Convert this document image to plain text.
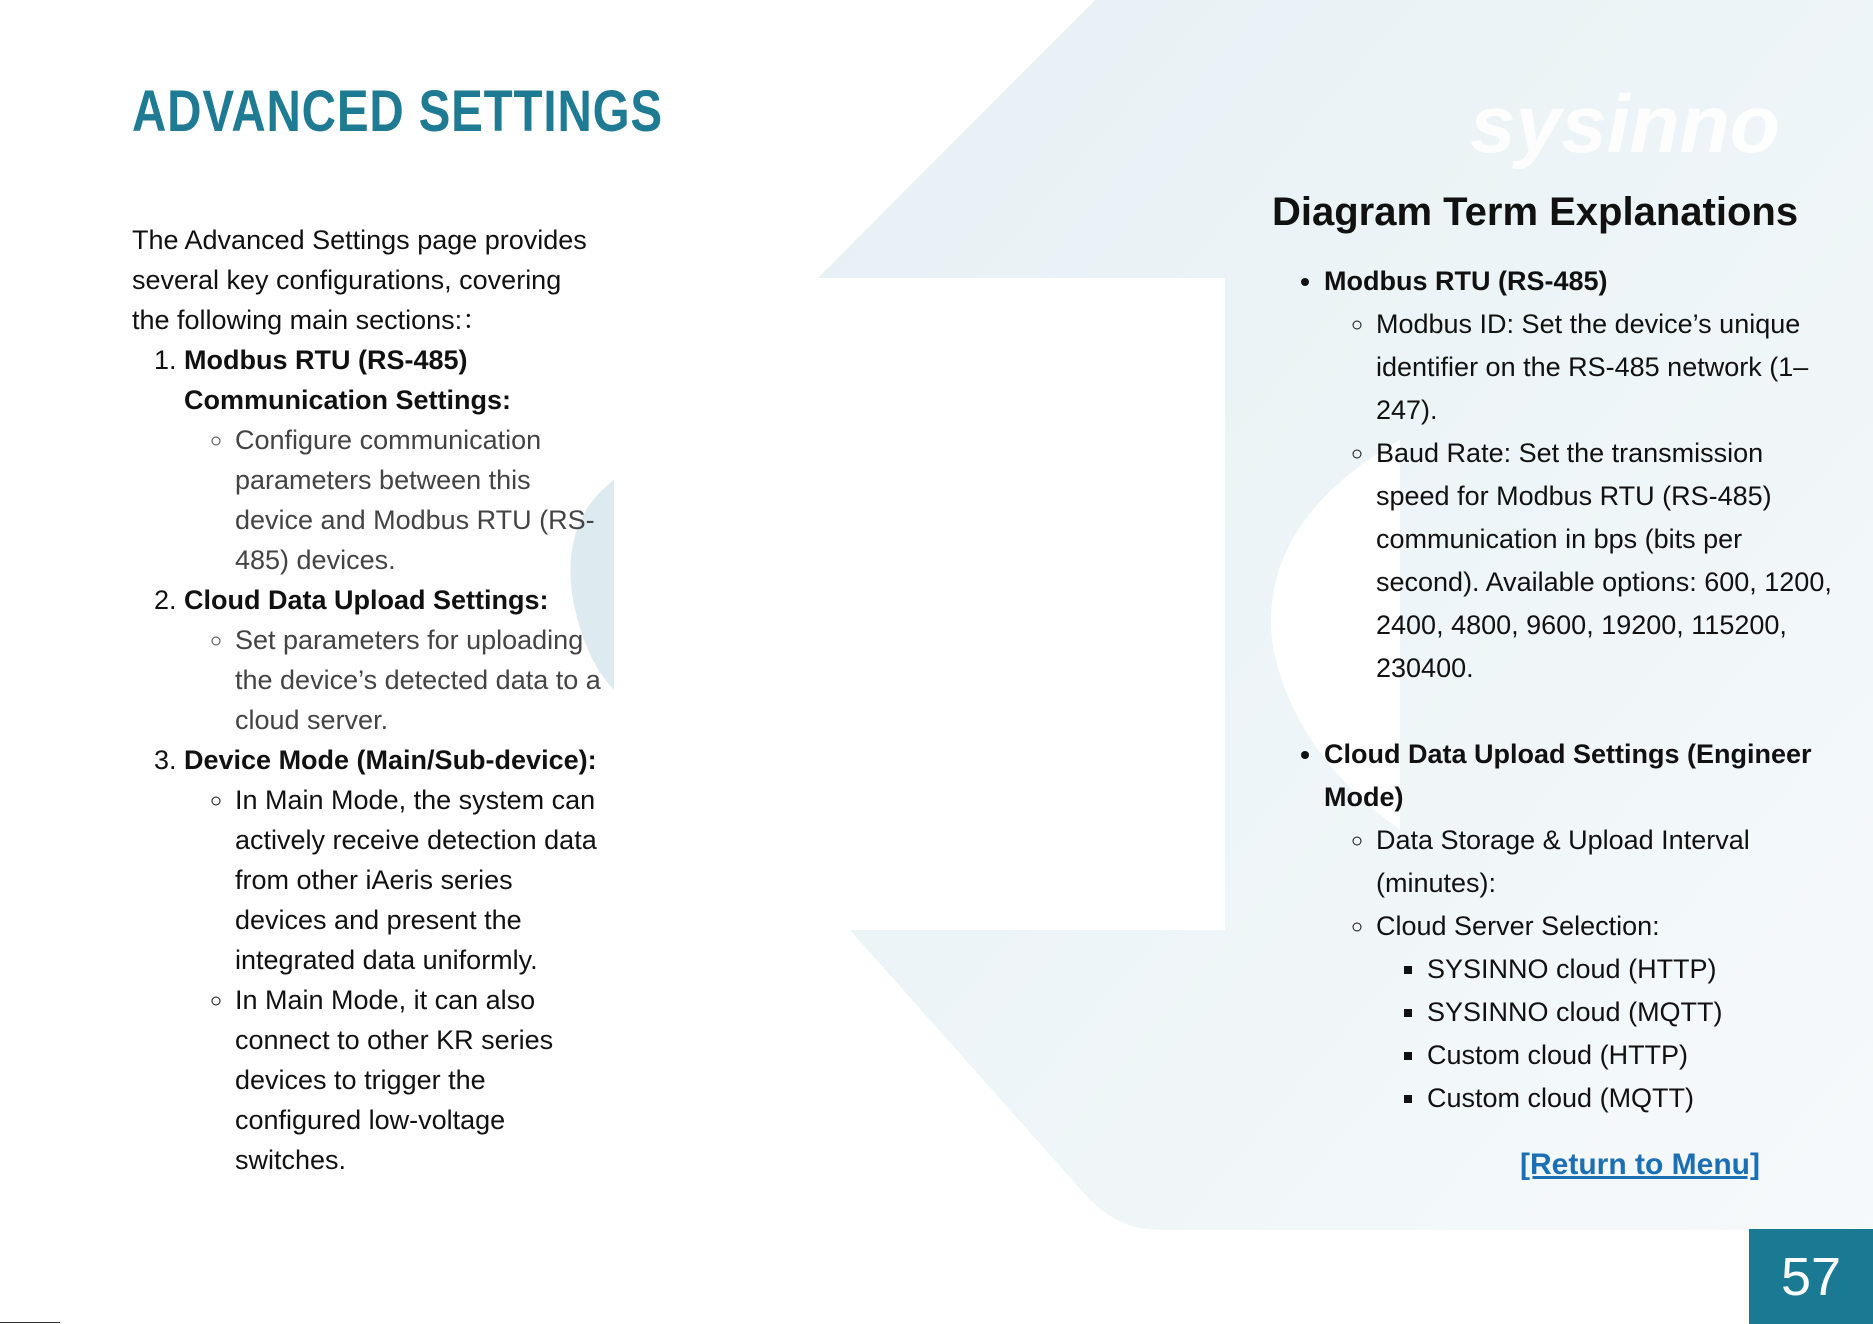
sysinno
ADVANCED SETTINGS

The Advanced Settings page provides several key configurations, covering the following main sections:：

1. Modbus RTU (RS-485) Communication Settings:
◦ Configure communication parameters between this device and Modbus RTU (RS-485) devices.
2. Cloud Data Upload Settings:
◦ Set parameters for uploading the device’s detected data to a cloud server.
3. Device Mode (Main/Sub-device):
◦ In Main Mode, the system can actively receive detection data from other iAeris series devices and present the integrated data uniformly.
◦ In Main Mode, it can also connect to other KR series devices to trigger the configured low-voltage switches.
Diagram Term Explanations
• Modbus RTU (RS-485)
◦ Modbus ID: Set the device’s unique identifier on the RS-485 network (1–247).
◦ Baud Rate: Set the transmission speed for Modbus RTU (RS-485) communication in bps (bits per second). Available options: 600, 1200, 2400, 4800, 9600, 19200, 115200, 230400.
• Cloud Data Upload Settings (Engineer Mode)
◦ Data Storage & Upload Interval (minutes):
◦ Cloud Server Selection:
▪ SYSINNO cloud (HTTP)
▪ SYSINNO cloud (MQTT)
▪ Custom cloud (HTTP)
▪ Custom cloud (MQTT)
[Return to Menu]
57
